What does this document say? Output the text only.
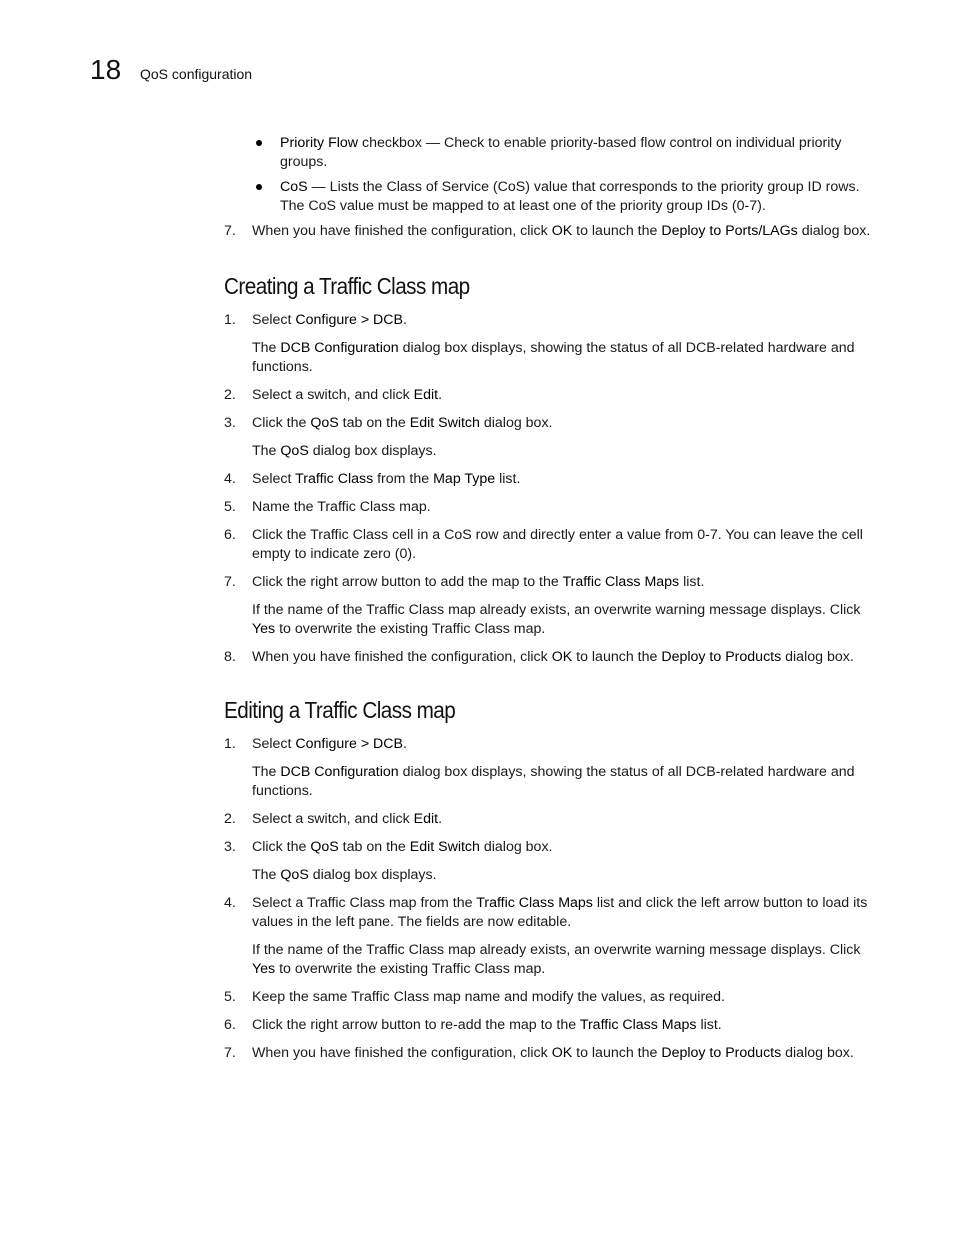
18 QoS configuration
Priority Flow checkbox — Check to enable priority-based flow control on individual priority groups.
CoS — Lists the Class of Service (CoS) value that corresponds to the priority group ID rows. The CoS value must be mapped to at least one of the priority group IDs (0-7).
7.	When you have finished the configuration, click OK to launch the Deploy to Ports/LAGs dialog box.
Creating a Traffic Class map
1.	Select Configure > DCB.
The DCB Configuration dialog box displays, showing the status of all DCB-related hardware and functions.
2.	Select a switch, and click Edit.
3.	Click the QoS tab on the Edit Switch dialog box.
The QoS dialog box displays.
4.	Select Traffic Class from the Map Type list.
5.	Name the Traffic Class map.
6.	Click the Traffic Class cell in a CoS row and directly enter a value from 0-7. You can leave the cell empty to indicate zero (0).
7.	Click the right arrow button to add the map to the Traffic Class Maps list.
If the name of the Traffic Class map already exists, an overwrite warning message displays. Click Yes to overwrite the existing Traffic Class map.
8.	When you have finished the configuration, click OK to launch the Deploy to Products dialog box.
Editing a Traffic Class map
1.	Select Configure > DCB.
The DCB Configuration dialog box displays, showing the status of all DCB-related hardware and functions.
2.	Select a switch, and click Edit.
3.	Click the QoS tab on the Edit Switch dialog box.
The QoS dialog box displays.
4.	Select a Traffic Class map from the Traffic Class Maps list and click the left arrow button to load its values in the left pane. The fields are now editable.
If the name of the Traffic Class map already exists, an overwrite warning message displays. Click Yes to overwrite the existing Traffic Class map.
5.	Keep the same Traffic Class map name and modify the values, as required.
6.	Click the right arrow button to re-add the map to the Traffic Class Maps list.
7.	When you have finished the configuration, click OK to launch the Deploy to Products dialog box.
